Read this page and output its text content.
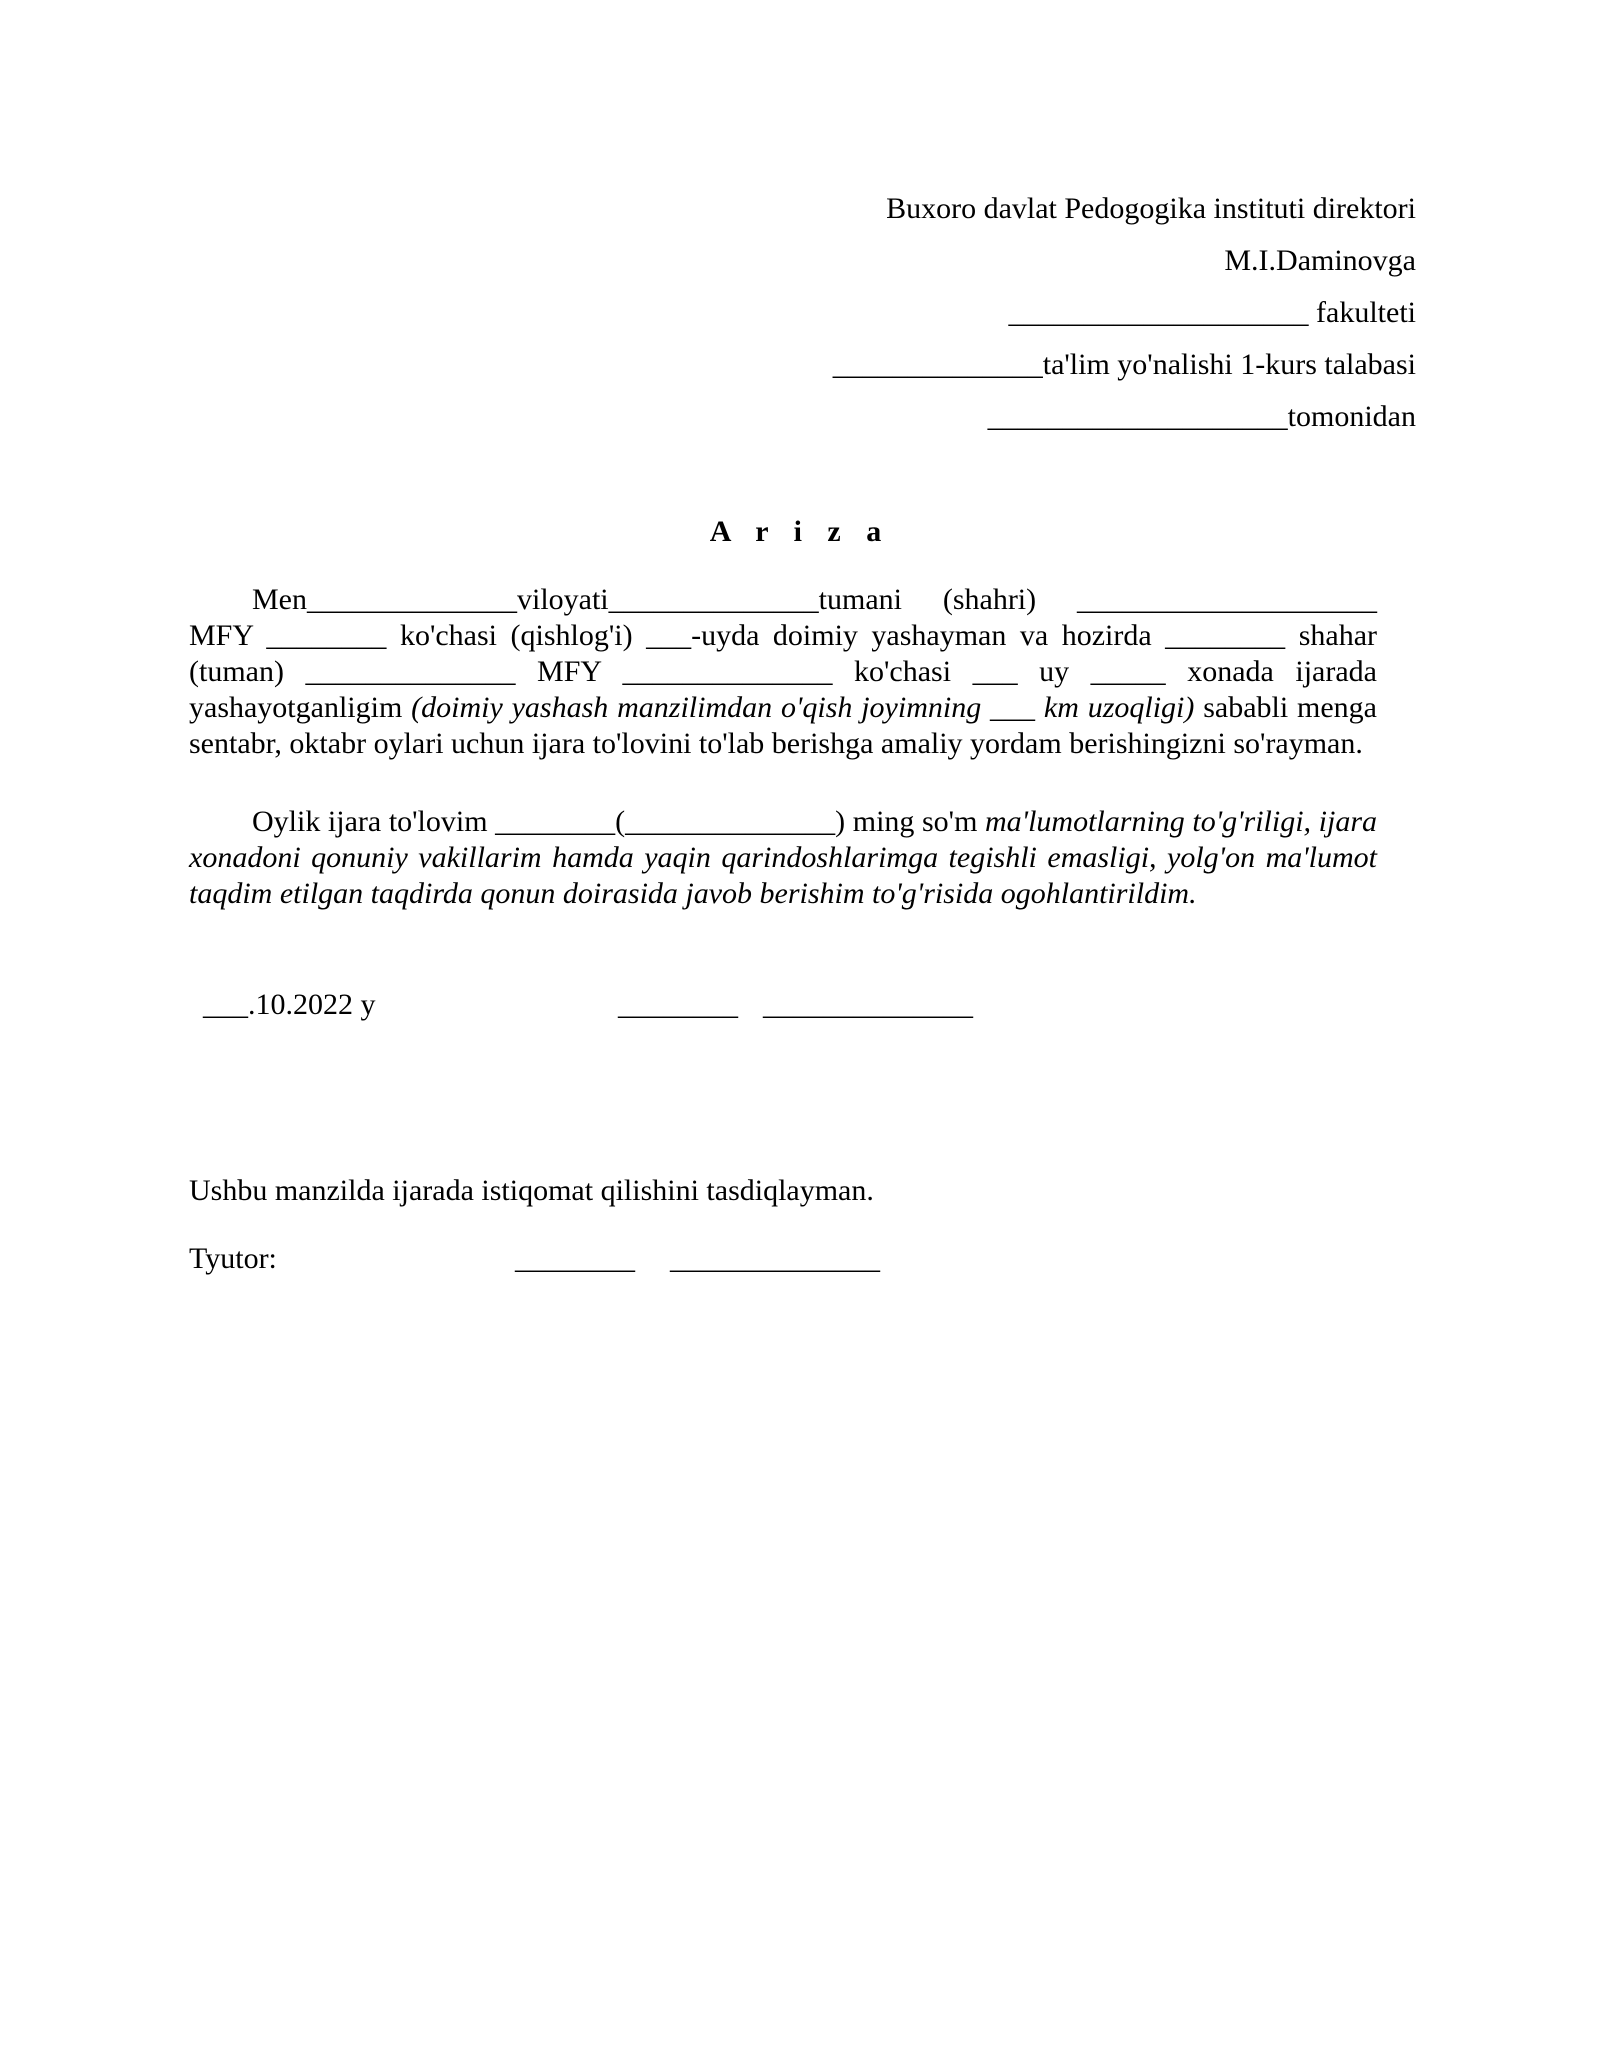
Buxoro davlat Pedogogika instituti direktori
M.I.Daminovga
____________________ fakulteti
______________ta'lim yo'nalishi 1-kurs talabasi
____________________tomonidan
A r i z a

Men______________viloyati______________tumani (shahri) ____________________ MFY ________ ko'chasi (qishlog'i) ___-uyda doimiy yashayman va hozirda ________ shahar (tuman) ______________ MFY ______________ ko'chasi ___ uy _____ xonada ijarada yashayotganligim (doimiy yashash manzilimdan o'qish joyimning ___ km uzoqligi) sababli menga sentabr, oktabr oylari uchun ijara to'lovini to'lab berishga amaliy yordam berishingizni so'rayman.

Oylik ijara to'lovim ________(______________) ming so'm ma'lumotlarning to'g'riligi, ijara xonadoni qonuniy vakillarim hamda yaqin qarindoshlarimga tegishli emasligi, yolg'on ma'lumot taqdim etilgan taqdirda qonun doirasida javob berishim to'g'risida ogohlantirildim.

___.10.2022 y	________ ______________
Ushbu manzilda ijarada istiqomat qilishini tasdiqlayman.
Tyutor:	________ ______________
